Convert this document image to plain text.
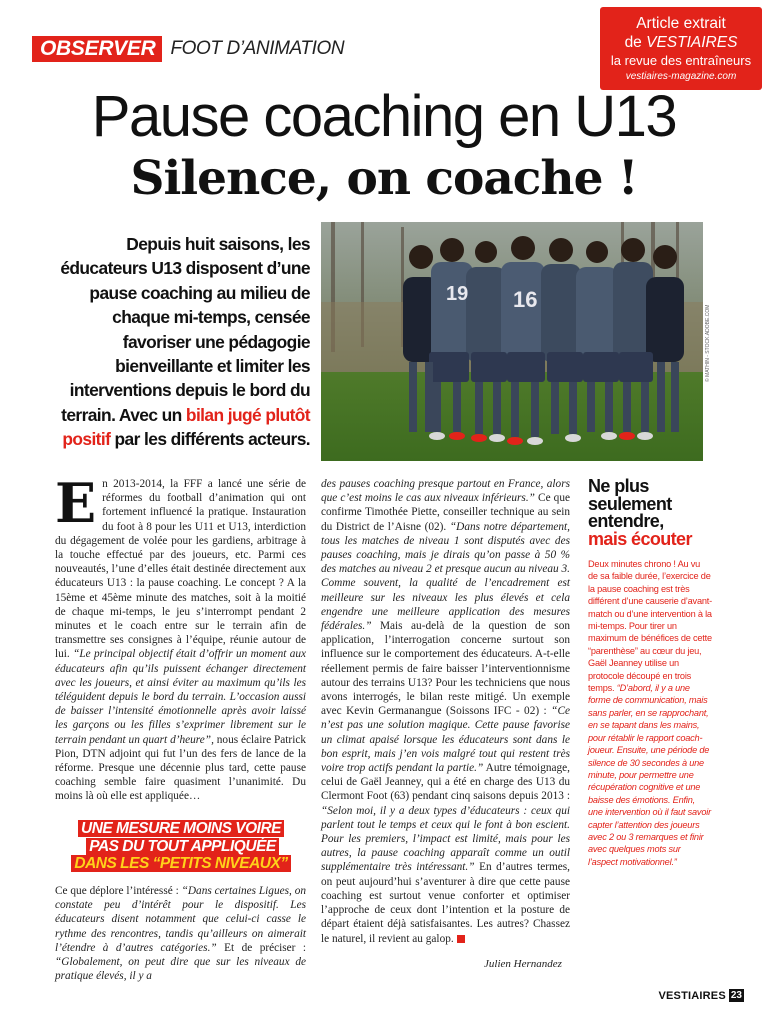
OBSERVER FOOT D’ANIMATION
Article extrait
de VESTIAIRES
la revue des entraîneurs
vestiaires-magazine.com
Pause coaching en U13
Silence, on coache !
Depuis huit saisons, les éducateurs U13 disposent d’une pause coaching au milieu de chaque mi-temps, censée favoriser une pédagogie bienveillante et limiter les interventions depuis le bord du terrain. Avec un bilan jugé plutôt positif par les différents acteurs.
19 16
© MATHIN - STOCK.ADOBE.COM
E n 2013-2014, la FFF a lancé une série de réformes du football d’animation qui ont fortement influencé la pratique. Instauration du foot à 8 pour les U11 et U13, interdiction du dégagement de volée pour les gardiens, arbitrage à la touche effectué par des joueurs, etc. Parmi ces nouveautés, l’une d’elles était destinée directement aux éducateurs U13 : la pause coaching. Le concept ? A la 15ème et 45ème minute des matches, soit à la moitié de chaque mi-temps, le jeu s’interrompt pendant 2 minutes et le coach entre sur le terrain afin de transmettre ses consignes à l’équipe, réunie autour de lui. “Le principal objectif était d’offrir un moment aux éducateurs afin qu’ils puissent échanger directement avec les joueurs, et ainsi éviter au maximum qu’ils les téléguident depuis le bord du terrain. L’occasion aussi de baisser l’intensité émotionnelle après avoir laissé les garçons ou les filles s’exprimer librement sur le terrain pendant un quart d’heure”, nous éclaire Patrick Pion, DTN adjoint qui fut l’un des fers de lance de la réforme. Presque une décennie plus tard, cette pause coaching semble faire quasiment l’unanimité. Du moins là où elle est appliquée…

UNE MESURE MOINS VOIRE PAS DU TOUT APPLIQUÉE DANS LES “PETITS NIVEAUX”

Ce que déplore l’intéressé : “Dans certaines Ligues, on constate peu d’intérêt pour le dispositif. Les éducateurs disent notamment que celui-ci casse le rythme des rencontres, tandis qu’ailleurs on aimerait l’étendre à d’autres catégories.” Et de préciser : “Globalement, on peut dire que sur les niveaux de pratique élevés, il y a

des pauses coaching presque partout en France, alors que c’est moins le cas aux niveaux inférieurs.” Ce que confirme Timothée Piette, conseiller technique au sein du District de l’Aisne (02). “Dans notre département, tous les matches de niveau 1 sont disputés avec des pauses coaching, mais je dirais qu’on passe à 50 % des matches au niveau 2 et presque aucun au niveau 3. Comme souvent, la qualité de l’encadrement est meilleure sur les niveaux les plus élevés et cela engendre une meilleure application des mesures fédérales.” Mais au-delà de la question de son application, l’interrogation concerne surtout son influence sur le comportement des éducateurs. A-t-elle réellement permis de faire baisser l’interventionnisme autour des terrains U13? Pour les techniciens que nous avons interrogés, le bilan reste mitigé. Un exemple avec Kevin Germanangue (Soissons IFC - 02) : “Ce n’est pas une solution magique. Cette pause favorise un climat apaisé lorsque les éducateurs sont dans le bon esprit, mais j’en vois malgré tout qui restent très voire trop actifs pendant la partie.” Autre témoignage, celui de Gaël Jeanney, qui a été en charge des U13 du Clermont Foot (63) pendant cinq saisons depuis 2013 : “Selon moi, il y a deux types d’éducateurs : ceux qui parlent tout le temps et ceux qui le font à bon escient. Pour les premiers, l’impact est limité, mais pour les autres, la pause coaching apparaît comme un outil supplémentaire très intéressant.” En d’autres termes, on peut aujourd’hui s’aventurer à dire que cette pause coaching est surtout venue conforter et optimiser l’approche de ceux dont l’intention et la posture de départ étaient déjà satisfaisantes. Les autres? Chassez le naturel, il revient au galop.

Julien Hernandez
Ne plus seulement entendre,
mais écouter
Deux minutes chrono ! Au vu de sa faible durée, l’exercice de la pause coaching est très différent d’une causerie d’avant-match ou d’une intervention à la mi-temps. Pour tirer un maximum de bénéfices de cette “parenthèse” au cœur du jeu, Gaël Jeanney utilise un protocole découpé en trois temps. “D’abord, il y a une forme de communication, mais sans parler, en se rapprochant, en se tapant dans les mains, pour rétablir le rapport coach-joueur. Ensuite, une période de silence de 30 secondes à une minute, pour permettre une récupération cognitive et une baisse des émotions. Enfin, une intervention où il faut savoir capter l’attention des joueurs avec 2 ou 3 remarques et finir avec quelques mots sur l’aspect motivationnel.”
VESTIAIRES 23
